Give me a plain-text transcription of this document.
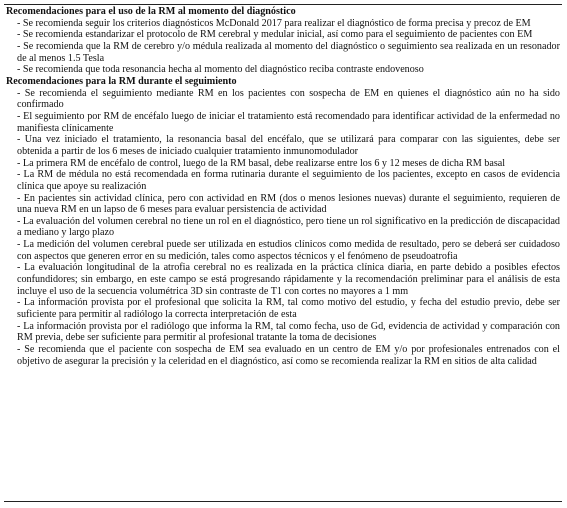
Recomendaciones para el uso de la RM al momento del diagnóstico
- Se recomienda seguir los criterios diagnósticos McDonald 2017 para realizar el diagnóstico de forma precisa y precoz de EM
- Se recomienda estandarizar el protocolo de RM cerebral y medular inicial, así como para el seguimiento de pacientes con EM
- Se recomienda que la RM de cerebro y/o médula realizada al momento del diagnóstico o seguimiento sea realizada en un resonador de al menos 1.5 Tesla
- Se recomienda que toda resonancia hecha al momento del diagnóstico reciba contraste endovenoso
Recomendaciones para la RM durante el seguimiento
- Se recomienda el seguimiento mediante RM en los pacientes con sospecha de EM en quienes el diagnóstico aún no ha sido confirmado
- El seguimiento por RM de encéfalo luego de iniciar el tratamiento está recomendado para identificar actividad de la enfermedad no manifiesta clínicamente
- Una vez iniciado el tratamiento, la resonancia basal del encéfalo, que se utilizará para comparar con las siguientes, debe ser obtenida a partir de los 6 meses de iniciado cualquier tratamiento inmunomodulador
- La primera RM de encéfalo de control, luego de la RM basal, debe realizarse entre los 6 y 12 meses de dicha RM basal
- La RM de médula no está recomendada en forma rutinaria durante el seguimiento de los pacientes, excepto en casos de evidencia clínica que apoye su realización
- En pacientes sin actividad clínica, pero con actividad en RM (dos o menos lesiones nuevas) durante el seguimiento, requieren de una nueva RM en un lapso de 6 meses para evaluar persistencia de actividad
- La evaluación del volumen cerebral no tiene un rol en el diagnóstico, pero tiene un rol significativo en la predicción de discapacidad a mediano y largo plazo
- La medición del volumen cerebral puede ser utilizada en estudios clínicos como medida de resultado, pero se deberá ser cuidadoso con aspectos que generen error en su medición, tales como aspectos técnicos y el fenómeno de pseudoatrofia
- La evaluación longitudinal de la atrofia cerebral no es realizada en la práctica clínica diaria, en parte debido a posibles efectos confundidores; sin embargo, en este campo se está progresando rápidamente y la recomendación preliminar para el análisis de esta incluye el uso de la secuencia volumétrica 3D sin contraste de T1 con cortes no mayores a 1 mm
- La información provista por el profesional que solicita la RM, tal como motivo del estudio, y fecha del estudio previo, debe ser suficiente para permitir al radiólogo la correcta interpretación de esta
- La información provista por el radiólogo que informa la RM, tal como fecha, uso de Gd, evidencia de actividad y comparación con RM previa, debe ser suficiente para permitir al profesional tratante la toma de decisiones
- Se recomienda que el paciente con sospecha de EM sea evaluado en un centro de EM y/o por profesionales entrenados con el objetivo de asegurar la precisión y la celeridad en el diagnóstico, así como se recomienda realizar la RM en sitios de alta calidad
